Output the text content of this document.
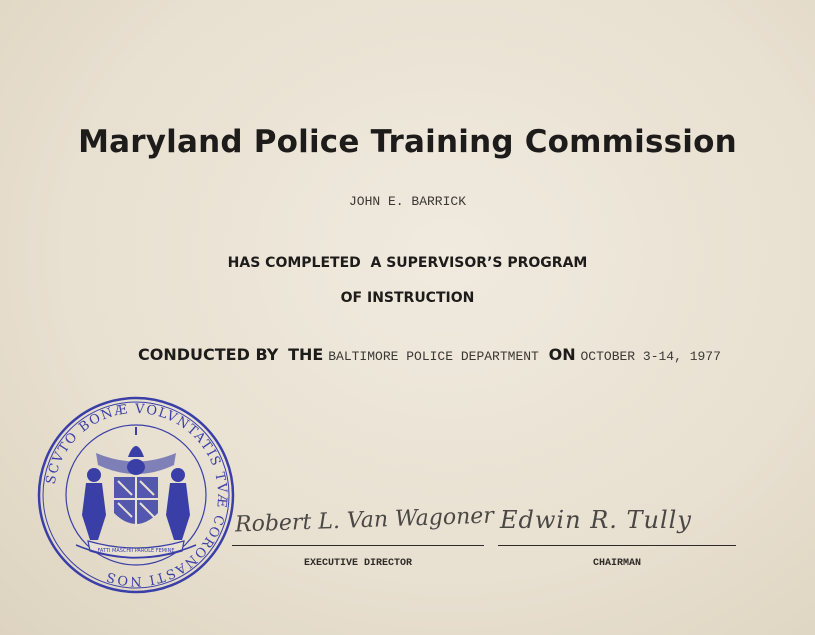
Maryland Police Training Commission
JOHN E. BARRICK
HAS COMPLETED  A SUPERVISOR’S PROGRAM
OF INSTRUCTION
CONDUCTED BY THE BALTIMORE POLICE DEPARTMENT ON OCTOBER 3-14, 1977
SCVTO BONÆ VOLVNTATIS TVÆ CORONASTI NOS
FATTI MASCHII PAROLE FEMINE
Robert L. Van Wagoner Edwin R. Tully
EXECUTIVE DIRECTOR	CHAIRMAN
